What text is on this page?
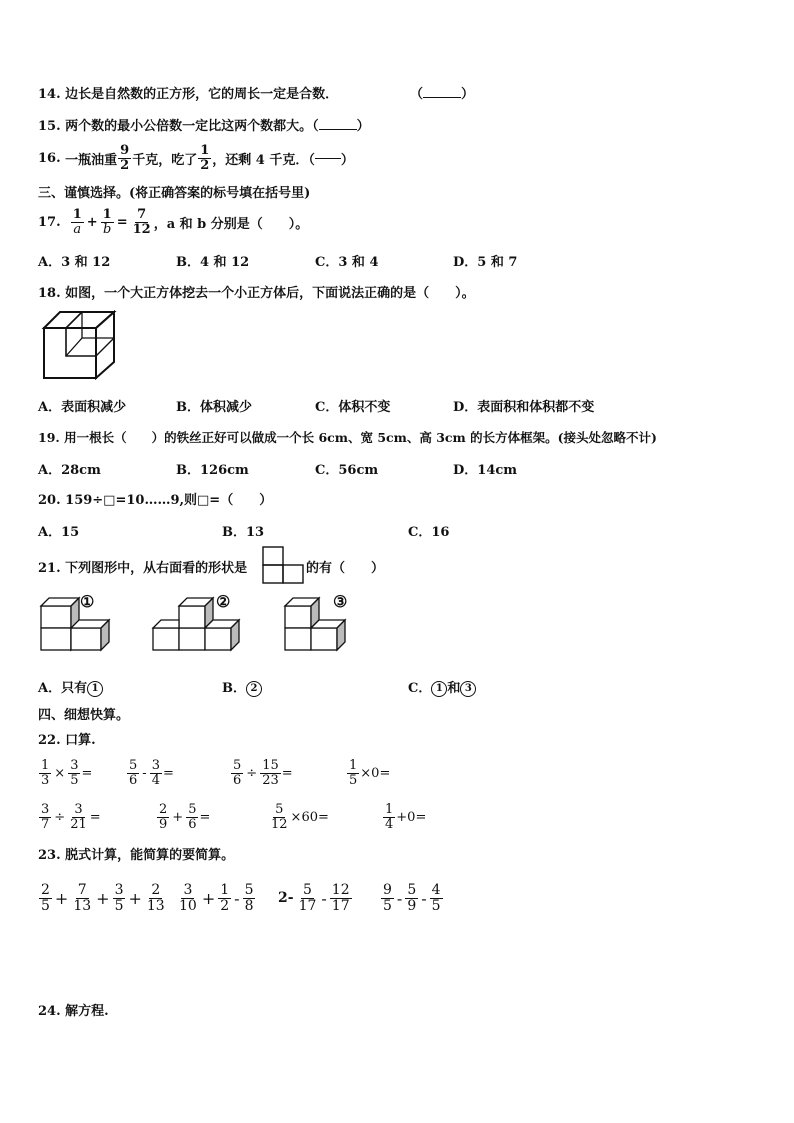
14. 边长是自然数的正方形，它的周长一定是合数．	（	）
15. 两个数的最小公倍数一定比这两个数都大。（	）
16.
一瓶油重 $\frac{9}{2}$ 千克，吃了 $\frac{1}{2}$ ，还剩 4 千克．（ ）
三、谨慎选择。(将正确答案的标号填在括号里)
17.
$\frac{1}{a} + \frac{1}{b} = \frac{7}{12}$ ，a 和 b 分别是（　　）。
A．3 和 12	B．4 和 12	C．3 和 4	D．5 和 7
18. 如图，一个大正方体挖去一个小正方体后，下面说法正确的是（　　）。
A．表面积减少	B．体积减少	C．体积不变	D．表面积和体积都不变
19. 用一根长（　　）的铁丝正好可以做成一个长 6cm、宽 5cm、高 3cm 的长方体框架。(接头处忽略不计)
A．28cm	B．126cm	C．56cm	D．14cm
20. 159÷□=10……9,则□=（　　）
A．15	B．13	C．16
21. 下列图形中，从右面看的形状是	的有（　　）
①	②	③
A．只有 1	B． 2	C． 1 和 3
四、细想快算。
22. 口算.
23. 脱式计算，能简算的要简算。
$\frac{2}{5} + \frac{7}{13} + \frac{3}{5} + \frac{2}{13} \frac{3}{10} + \frac{1}{2} - \frac{5}{8} 2- \frac{5}{17} - \frac{12}{17} \frac{9}{5} - \frac{5}{9} - \frac{4}{5}$
24. 解方程.
$\frac{1}{3} \times \frac{3}{5}$ =	$\frac{5}{6} - \frac{3}{4}$ =	$\frac{5}{6} \div \frac{15}{23}$ =	$\frac{1}{5} \times 0=$
$\frac{3}{7} \div \frac{3}{21}$ =	$\frac{2}{9} + \frac{5}{6}$ =	$\frac{5}{12} \times 60=$	$\frac{1}{4} +0=$
